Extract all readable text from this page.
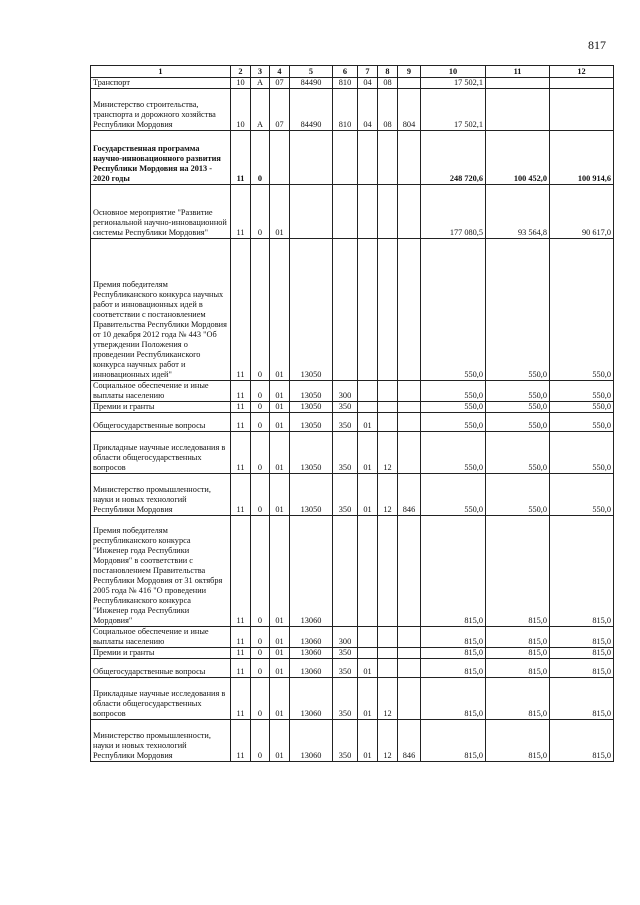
817
1	2	3	4	5	6	7	8	9	10	11	12
Транспорт	10	А	07	84490	810	04	08		17 502,1		
Министерство строительства, транспорта и дорожного хозяйства Республики Мордовия	10	А	07	84490	810	04	08	804	17 502,1		
Государственная программа научно-инновационного развития Республики Мордовия на 2013 - 2020 годы	11	0							248 720,6	100 452,0	100 914,6
Основное мероприятие "Развитие региональной научно-инновационной системы Республики Мордовия"	11	0	01						177 080,5	93 564,8	90 617,0
Премия победителям Республиканского конкурса научных работ и инновационных идей в соответствии с постановлением Правительства Республики Мордовия от 10 декабря 2012 года № 443 "Об утверждении Положения о проведении Республиканского конкурса научных работ и инновационных идей"	11	0	01	13050					550,0	550,0	550,0
Социальное обеспечение и иные выплаты населению	11	0	01	13050	300				550,0	550,0	550,0
Премии и гранты	11	0	01	13050	350				550,0	550,0	550,0
Общегосударственные вопросы	11	0	01	13050	350	01			550,0	550,0	550,0
Прикладные научные исследования в области общегосударственных вопросов	11	0	01	13050	350	01	12		550,0	550,0	550,0
Министерство промышленности, науки и новых технологий Республики Мордовия	11	0	01	13050	350	01	12	846	550,0	550,0	550,0
Премия победителям республиканского конкурса "Инженер года Республики Мордовия" в соответствии с постановлением Правительства Республики Мордовия от 31 октября 2005 года № 416 "О проведении Республиканского конкурса "Инженер года Республики Мордовия"	11	0	01	13060					815,0	815,0	815,0
Социальное обеспечение и иные выплаты населению	11	0	01	13060	300				815,0	815,0	815,0
Премии и гранты	11	0	01	13060	350				815,0	815,0	815,0
Общегосударственные вопросы	11	0	01	13060	350	01			815,0	815,0	815,0
Прикладные научные исследования в области общегосударственных вопросов	11	0	01	13060	350	01	12		815,0	815,0	815,0
Министерство промышленности, науки и новых технологий Республики Мордовия	11	0	01	13060	350	01	12	846	815,0	815,0	815,0
